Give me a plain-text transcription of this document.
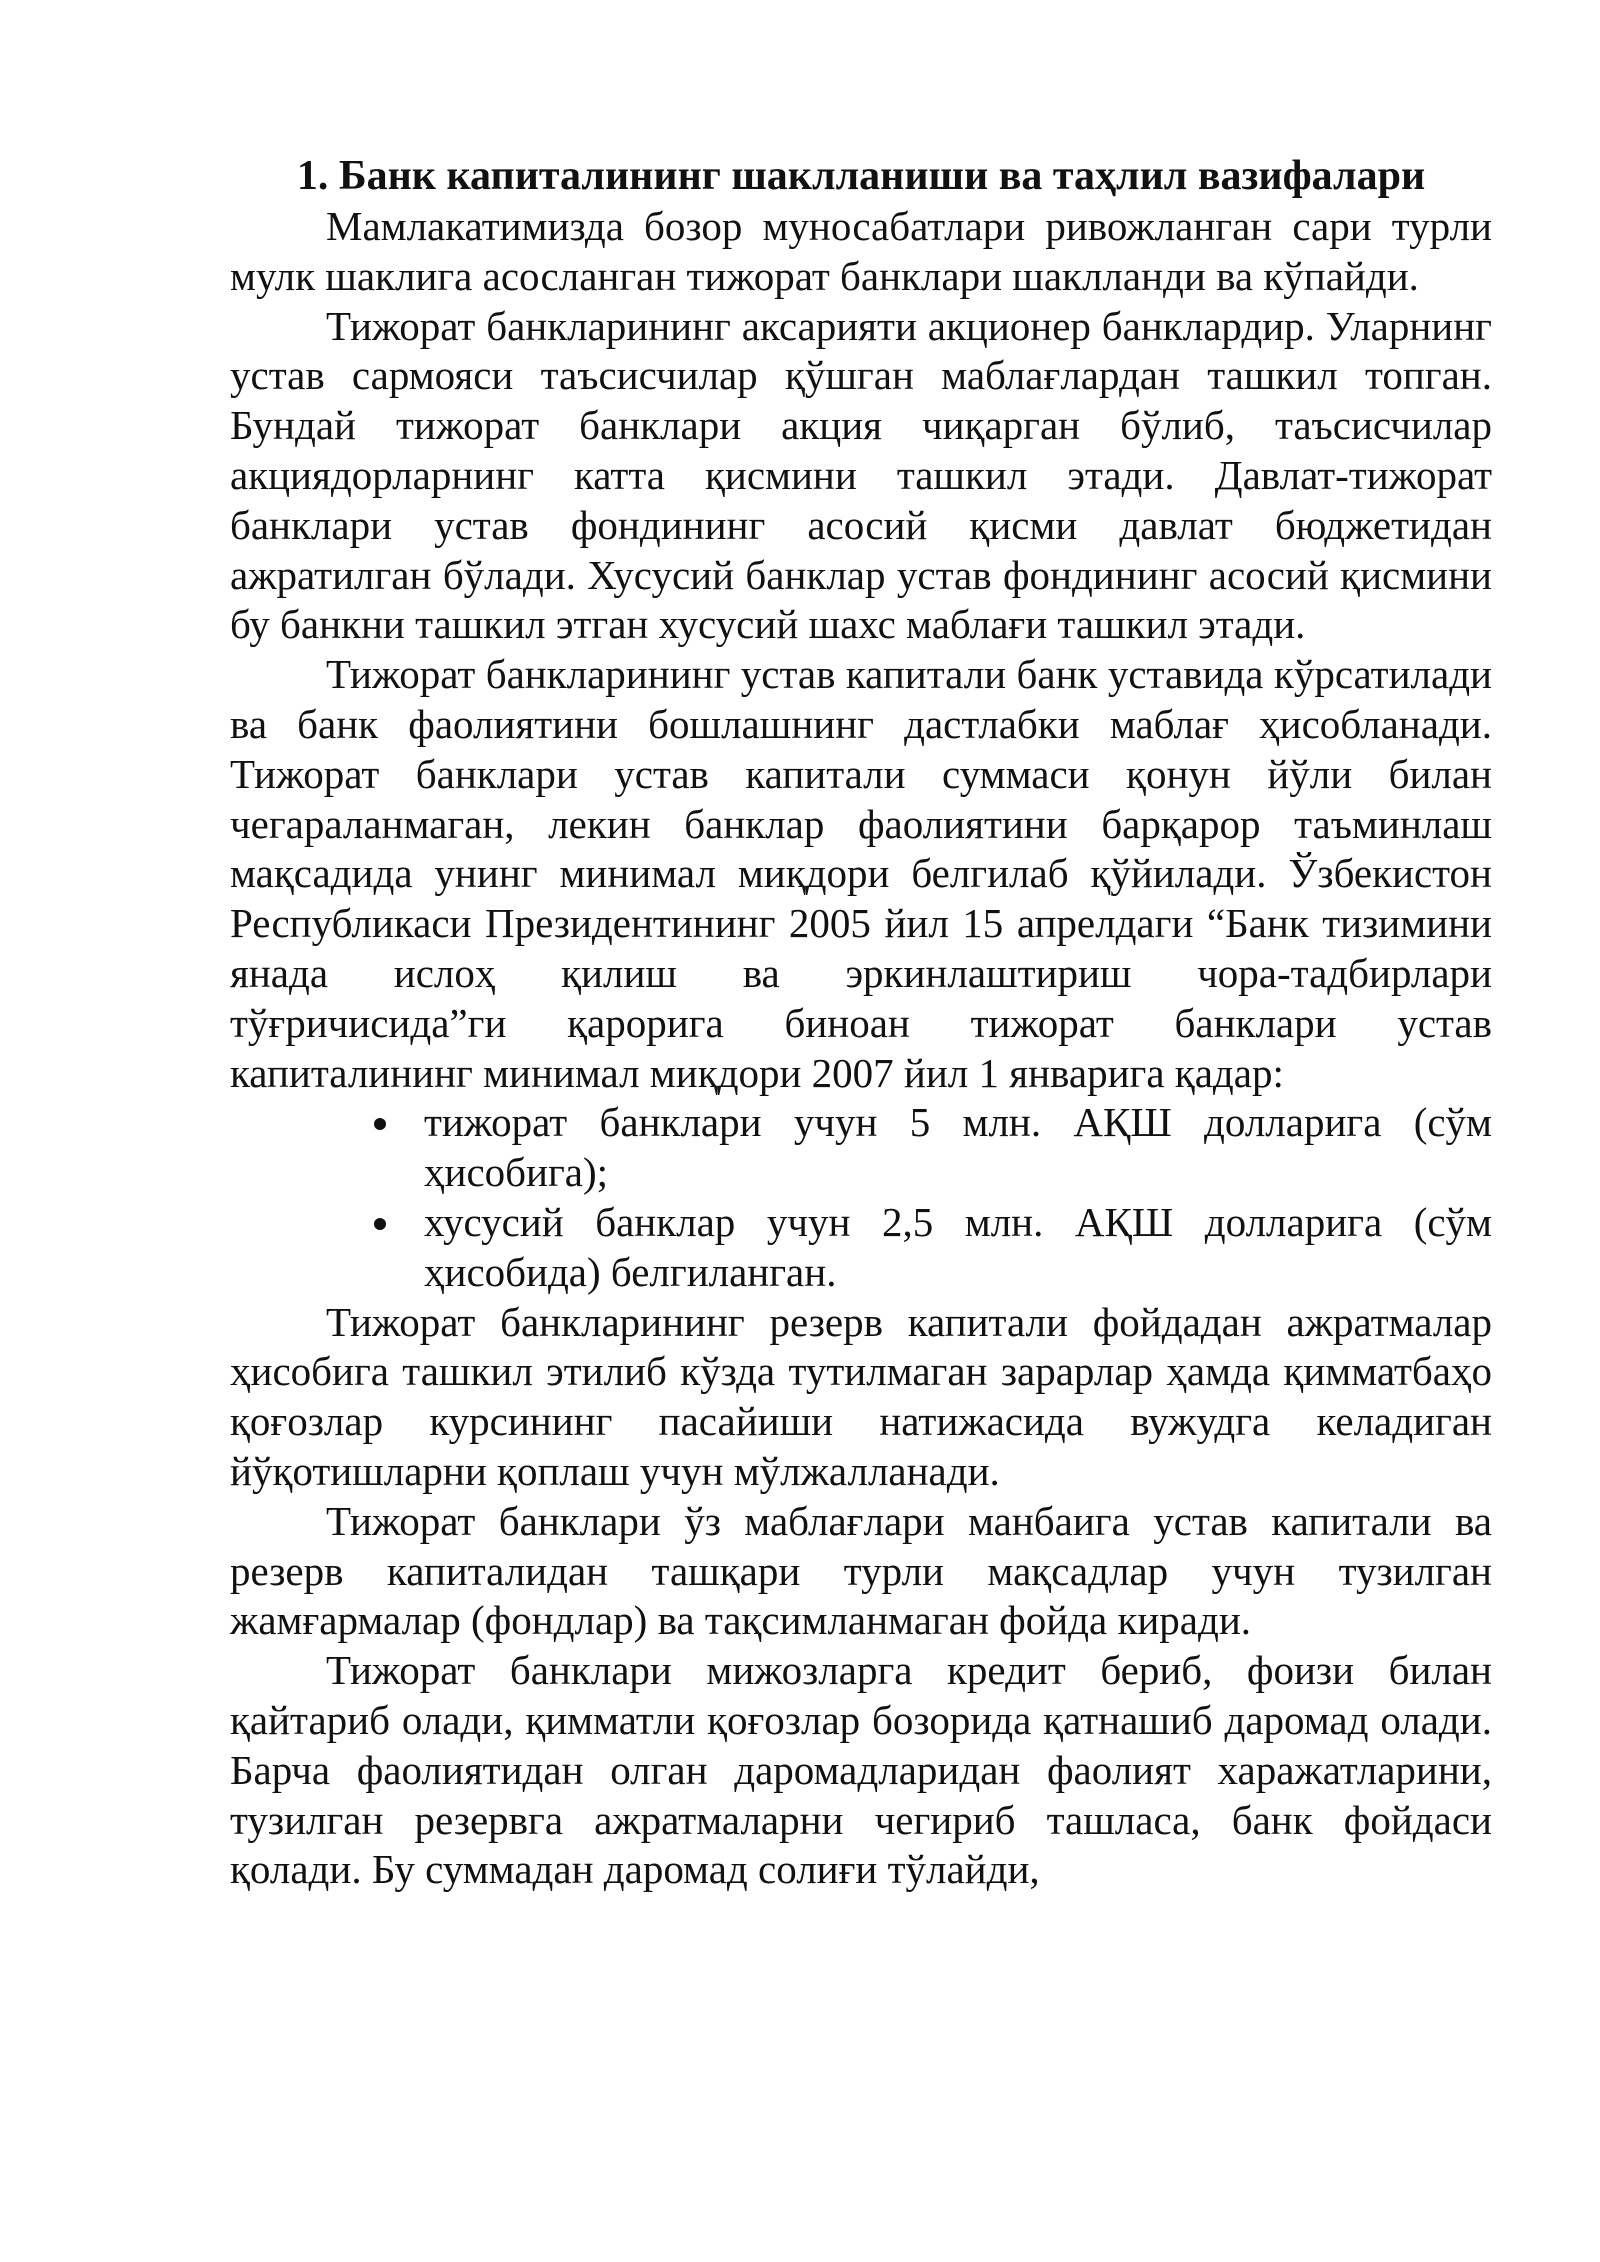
1. Банк капиталининг шаклланиши ва таҳлил вазифалари

Мамлакатимизда бозор муносабатлари ривожланган сари турли мулк шаклига асосланган тижорат банклари шаклланди ва кўпайди.

Тижорат банкларининг аксарияти акционер банклардир. Уларнинг устав сармояси таъсисчилар қўшган маблағлардан ташкил топган. Бундай тижорат банклари акция чиқарган бўлиб, таъсисчилар акциядорларнинг катта қисмини ташкил этади. Давлат-тижорат банклари устав фондининг асосий қисми давлат бюджетидан ажратилган бўлади. Хусусий банклар устав фондининг асосий қисмини бу банкни ташкил этган хусусий шахс маблағи ташкил этади.

Тижорат банкларининг устав капитали банк уставида кўрсатилади ва банк фаолиятини бошлашнинг дастлабки маблағ ҳисобланади. Тижорат банклари устав капитали суммаси қонун йўли билан чегараланмаган, лекин банклар фаолиятини барқарор таъминлаш мақсадида унинг минимал миқдори белгилаб қўйилади. Ўзбекистон Республикаси Президентининг 2005 йил 15 апрелдаги “Банк тизимини янада ислоҳ қилиш ва эркинлаштириш чора-тадбирлари тўғричисида”ги қарорига биноан тижорат банклари устав капиталининг минимал миқдори 2007 йил 1 январига қадар:

тижорат банклари учун 5 млн. АҚШ долларига (сўм ҳисобига);
хусусий банклар учун 2,5 млн. АҚШ долларига (сўм ҳисобида) белгиланган.

Тижорат банкларининг резерв капитали фойдадан ажратмалар ҳисобига ташкил этилиб кўзда тутилмаган зарарлар ҳамда қимматбаҳо қоғозлар курсининг пасайиши натижасида вужудга келадиган йўқотишларни қоплаш учун мўлжалланади.

Тижорат банклари ўз маблағлари манбаига устав капитали ва резерв капиталидан ташқари турли мақсадлар учун тузилган жамғармалар (фондлар) ва тақсимланмаган фойда киради.

Тижорат банклари мижозларга кредит бериб, фоизи билан қайтариб олади, қимматли қоғозлар бозорида қатнашиб даромад олади. Барча фаолиятидан олган даромадларидан фаолият харажатларини, тузилган резервга ажратмаларни чегириб ташласа, банк фойдаси қолади. Бу суммадан даромад солиғи тўлайди,
